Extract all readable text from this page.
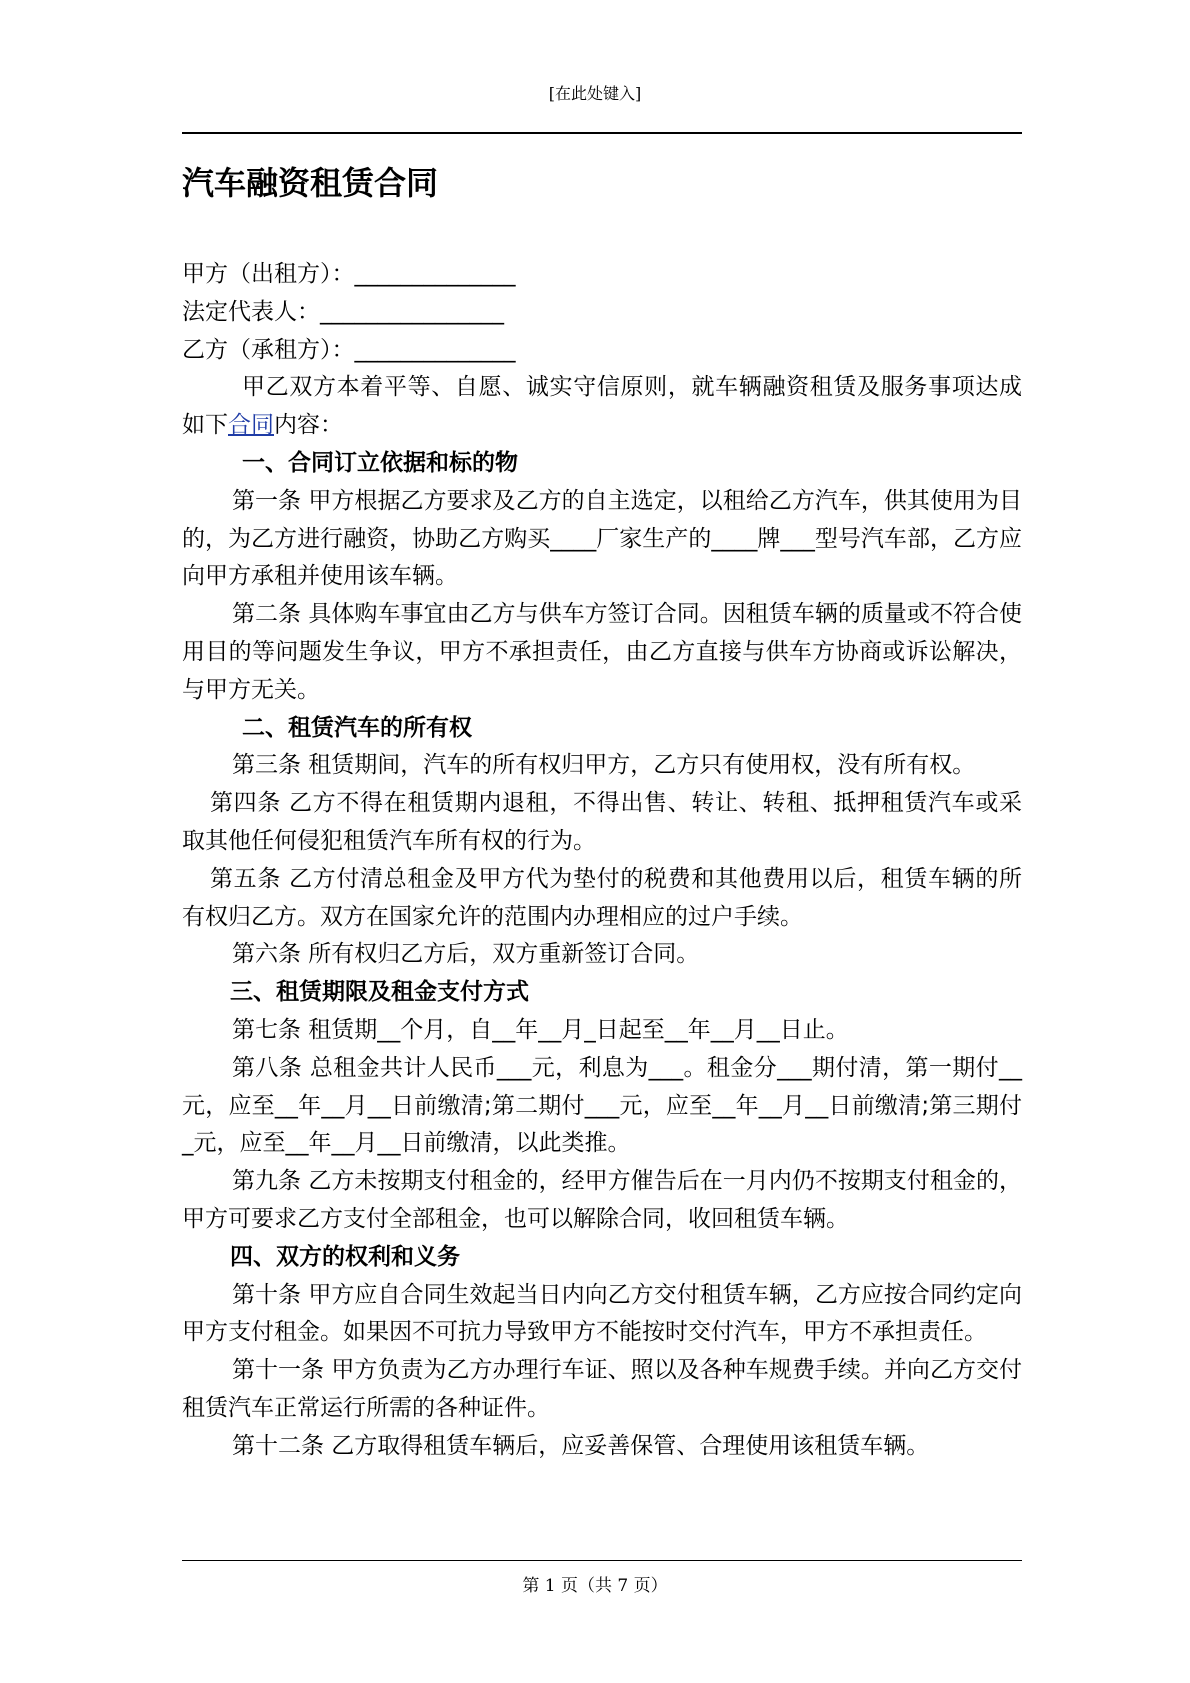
[在此处键入]
汽车融资租赁合同
甲方（出租方）：______________
法定代表人：________________
乙方（承租方）：______________
甲乙双方本着平等、自愿、诚实守信原则，就车辆融资租赁及服务事项达成如下合同内容：
一、合同订立依据和标的物
第一条 甲方根据乙方要求及乙方的自主选定，以租给乙方汽车，供其使用为目的，为乙方进行融资，协助乙方购买____厂家生产的____牌___型号汽车部，乙方应向甲方承租并使用该车辆。
第二条 具体购车事宜由乙方与供车方签订合同。因租赁车辆的质量或不符合使用目的等问题发生争议，甲方不承担责任，由乙方直接与供车方协商或诉讼解决，与甲方无关。
二、租赁汽车的所有权
第三条 租赁期间，汽车的所有权归甲方，乙方只有使用权，没有所有权。
第四条 乙方不得在租赁期内退租，不得出售、转让、转租、抵押租赁汽车或采取其他任何侵犯租赁汽车所有权的行为。
第五条 乙方付清总租金及甲方代为垫付的税费和其他费用以后，租赁车辆的所有权归乙方。双方在国家允许的范围内办理相应的过户手续。
第六条 所有权归乙方后，双方重新签订合同。
三、租赁期限及租金支付方式
第七条 租赁期__个月，自__年__月_日起至__年__月__日止。
第八条 总租金共计人民币___元，利息为___。租金分___期付清，第一期付__元，应至__年__月__日前缴清;第二期付___元，应至__年__月__日前缴清;第三期付_元，应至__年__月__日前缴清，以此类推。
第九条 乙方未按期支付租金的，经甲方催告后在一月内仍不按期支付租金的，甲方可要求乙方支付全部租金，也可以解除合同，收回租赁车辆。
四、双方的权利和义务
第十条 甲方应自合同生效起当日内向乙方交付租赁车辆，乙方应按合同约定向甲方支付租金。如果因不可抗力导致甲方不能按时交付汽车，甲方不承担责任。
第十一条 甲方负责为乙方办理行车证、照以及各种车规费手续。并向乙方交付租赁汽车正常运行所需的各种证件。
第十二条 乙方取得租赁车辆后，应妥善保管、合理使用该租赁车辆。
第 1 页（共 7 页）
